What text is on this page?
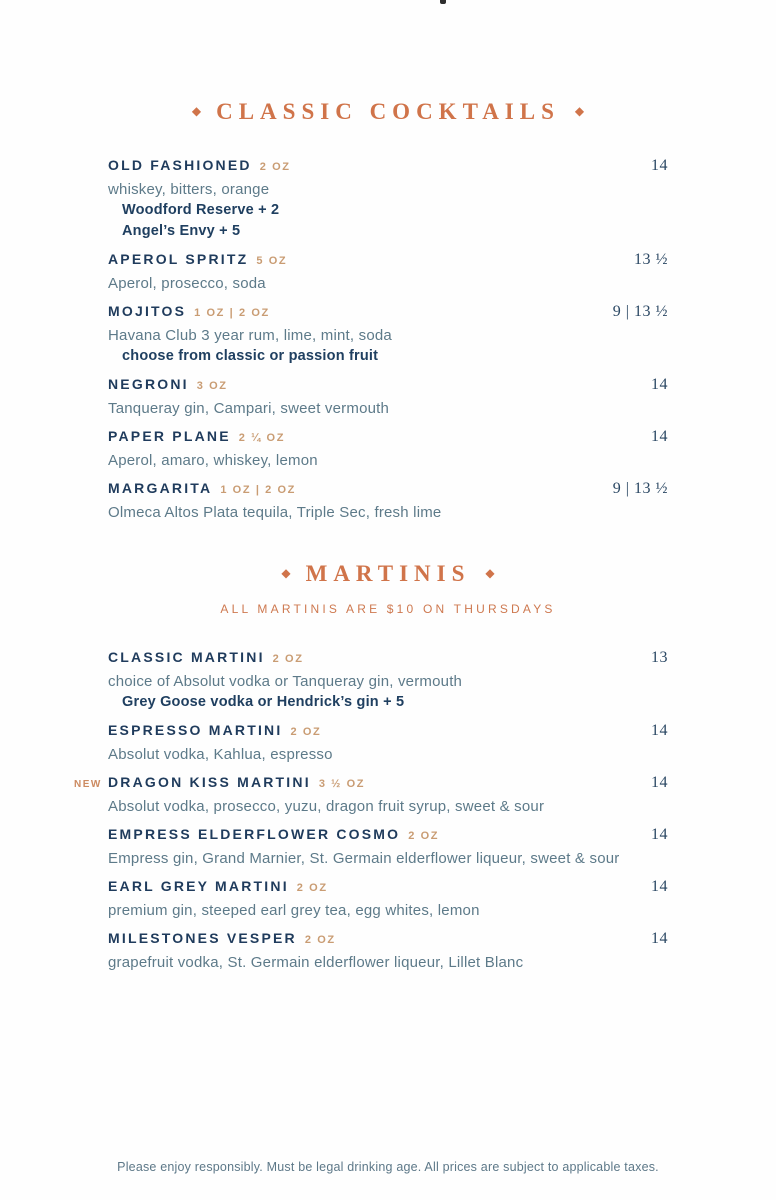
◆ CLASSIC COCKTAILS ◆
OLD FASHIONED 2 OZ	14
whiskey, bitters, orange
Woodford Reserve + 2
Angel’s Envy + 5
APEROL SPRITZ 5 OZ	13 ½
Aperol, prosecco, soda
MOJITOS 1 OZ | 2 OZ	9 | 13 ½
Havana Club 3 year rum, lime, mint, soda
choose from classic or passion fruit
NEGRONI 3 OZ	14
Tanqueray gin, Campari, sweet vermouth
PAPER PLANE 2 ¼ OZ	14
Aperol, amaro, whiskey, lemon
MARGARITA 1 OZ | 2 OZ	9 | 13 ½
Olmeca Altos Plata tequila, Triple Sec, fresh lime
◆ MARTINIS ◆
ALL MARTINIS ARE $10 ON THURSDAYS
CLASSIC MARTINI 2 OZ	13
choice of Absolut vodka or Tanqueray gin, vermouth
Grey Goose vodka or Hendrick’s gin + 5
ESPRESSO MARTINI 2 OZ	14
Absolut vodka, Kahlua, espresso
NEW DRAGON KISS MARTINI 3 ½ OZ	14
Absolut vodka, prosecco, yuzu, dragon fruit syrup, sweet & sour
EMPRESS ELDERFLOWER COSMO 2 OZ	14
Empress gin, Grand Marnier, St. Germain elderflower liqueur, sweet & sour
EARL GREY MARTINI 2 OZ	14
premium gin, steeped earl grey tea, egg whites, lemon
MILESTONES VESPER 2 OZ	14
grapefruit vodka, St. Germain elderflower liqueur, Lillet Blanc
Please enjoy responsibly. Must be legal drinking age. All prices are subject to applicable taxes.
